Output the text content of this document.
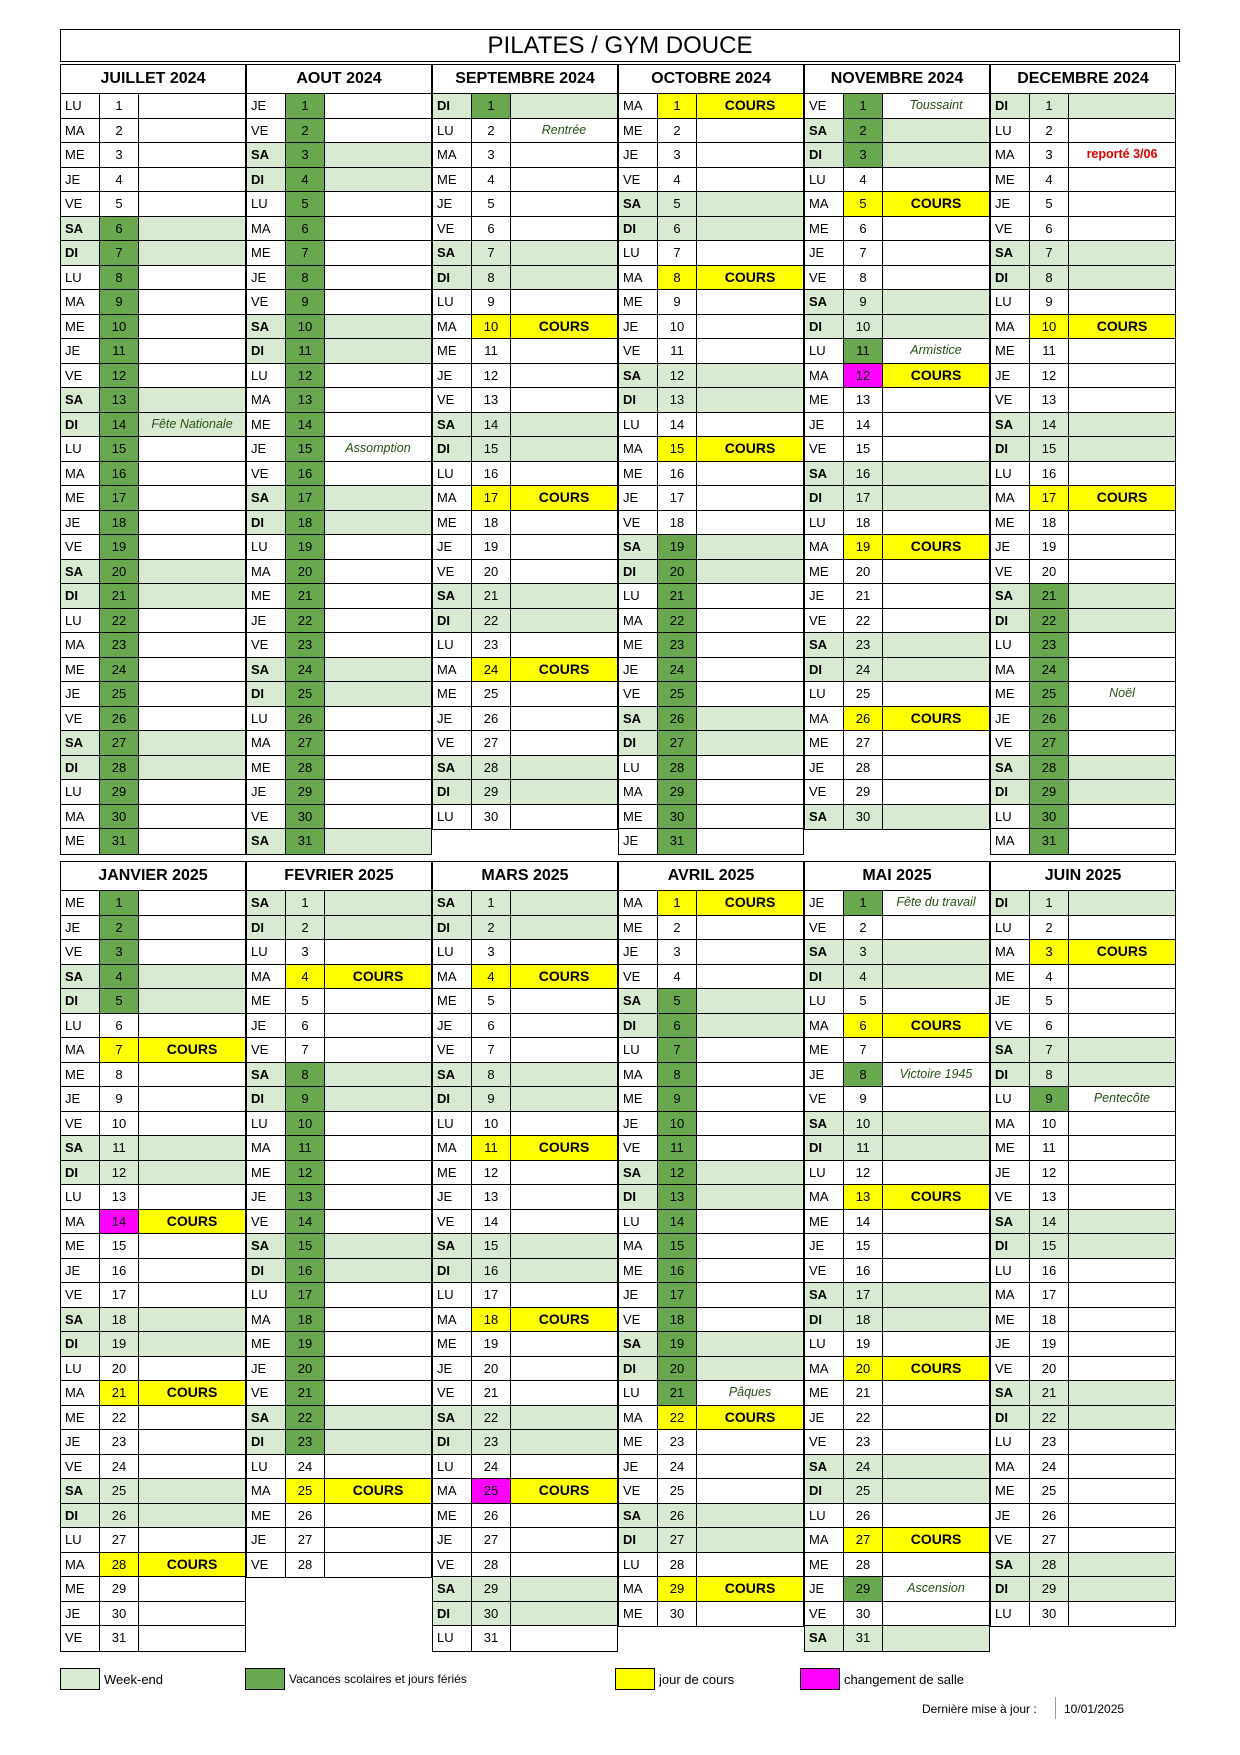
PILATES / GYM DOUCE
JUILLET 2024
LU	1
MA	2
ME	3
JE	4
VE	5
SA	6
DI	7
LU	8
MA	9
ME	10
JE	11
VE	12
SA	13
DI	14	Fête Nationale
LU	15
MA	16
ME	17
JE	18
VE	19
SA	20
DI	21
LU	22
MA	23
ME	24
JE	25
VE	26
SA	27
DI	28
LU	29
MA	30
ME	31
AOUT 2024
JE	1
VE	2
SA	3
DI	4
LU	5
MA	6
ME	7
JE	8
VE	9
SA	10
DI	11
LU	12
MA	13
ME	14
JE	15	Assomption
VE	16
SA	17
DI	18
LU	19
MA	20
ME	21
JE	22
VE	23
SA	24
DI	25
LU	26
MA	27
ME	28
JE	29
VE	30
SA	31
SEPTEMBRE 2024
DI	1
LU	2	Rentrée
MA	3
ME	4
JE	5
VE	6
SA	7
DI	8
LU	9
MA	10	COURS
ME	11
JE	12
VE	13
SA	14
DI	15
LU	16
MA	17	COURS
ME	18
JE	19
VE	20
SA	21
DI	22
LU	23
MA	24	COURS
ME	25
JE	26
VE	27
SA	28
DI	29
LU	30
OCTOBRE 2024
MA	1	COURS
ME	2
JE	3
VE	4
SA	5
DI	6
LU	7
MA	8	COURS
ME	9
JE	10
VE	11
SA	12
DI	13
LU	14
MA	15	COURS
ME	16
JE	17
VE	18
SA	19
DI	20
LU	21
MA	22
ME	23
JE	24
VE	25
SA	26
DI	27
LU	28
MA	29
ME	30
JE	31
NOVEMBRE 2024
VE	1	Toussaint
SA	2
DI	3
LU	4
MA	5	COURS
ME	6
JE	7
VE	8
SA	9
DI	10
LU	11	Armistice
MA	12	COURS
ME	13
JE	14
VE	15
SA	16
DI	17
LU	18
MA	19	COURS
ME	20
JE	21
VE	22
SA	23
DI	24
LU	25
MA	26	COURS
ME	27
JE	28
VE	29
SA	30
DECEMBRE 2024
DI	1
LU	2
MA	3	reporté 3/06
ME	4
JE	5
VE	6
SA	7
DI	8
LU	9
MA	10	COURS
ME	11
JE	12
VE	13
SA	14
DI	15
LU	16
MA	17	COURS
ME	18
JE	19
VE	20
SA	21
DI	22
LU	23
MA	24
ME	25	Noël
JE	26
VE	27
SA	28
DI	29
LU	30
MA	31
JANVIER 2025
ME	1
JE	2
VE	3
SA	4
DI	5
LU	6
MA	7	COURS
ME	8
JE	9
VE	10
SA	11
DI	12
LU	13
MA	14	COURS
ME	15
JE	16
VE	17
SA	18
DI	19
LU	20
MA	21	COURS
ME	22
JE	23
VE	24
SA	25
DI	26
LU	27
MA	28	COURS
ME	29
JE	30
VE	31
FEVRIER 2025
SA	1
DI	2
LU	3
MA	4	COURS
ME	5
JE	6
VE	7
SA	8
DI	9
LU	10
MA	11
ME	12
JE	13
VE	14
SA	15
DI	16
LU	17
MA	18
ME	19
JE	20
VE	21
SA	22
DI	23
LU	24
MA	25	COURS
ME	26
JE	27
VE	28
MARS 2025
SA	1
DI	2
LU	3
MA	4	COURS
ME	5
JE	6
VE	7
SA	8
DI	9
LU	10
MA	11	COURS
ME	12
JE	13
VE	14
SA	15
DI	16
LU	17
MA	18	COURS
ME	19
JE	20
VE	21
SA	22
DI	23
LU	24
MA	25	COURS
ME	26
JE	27
VE	28
SA	29
DI	30
LU	31
AVRIL 2025
MA	1	COURS
ME	2
JE	3
VE	4
SA	5
DI	6
LU	7
MA	8
ME	9
JE	10
VE	11
SA	12
DI	13
LU	14
MA	15
ME	16
JE	17
VE	18
SA	19
DI	20
LU	21	Pâques
MA	22	COURS
ME	23
JE	24
VE	25
SA	26
DI	27
LU	28
MA	29	COURS
ME	30
MAI 2025
JE	1	Fête du travail
VE	2
SA	3
DI	4
LU	5
MA	6	COURS
ME	7
JE	8	Victoire 1945
VE	9
SA	10
DI	11
LU	12
MA	13	COURS
ME	14
JE	15
VE	16
SA	17
DI	18
LU	19
MA	20	COURS
ME	21
JE	22
VE	23
SA	24
DI	25
LU	26
MA	27	COURS
ME	28
JE	29	Ascension
VE	30
SA	31
JUIN 2025
DI	1
LU	2
MA	3	COURS
ME	4
JE	5
VE	6
SA	7
DI	8
LU	9	Pentecôte
MA	10
ME	11
JE	12
VE	13
SA	14
DI	15
LU	16
MA	17
ME	18
JE	19
VE	20
SA	21
DI	22
LU	23
MA	24
ME	25
JE	26
VE	27
SA	28
DI	29
LU	30
Week-end	Vacances scolaires et jours fériés	jour de cours	changement de salle
Dernière mise à jour : 10/01/2025
